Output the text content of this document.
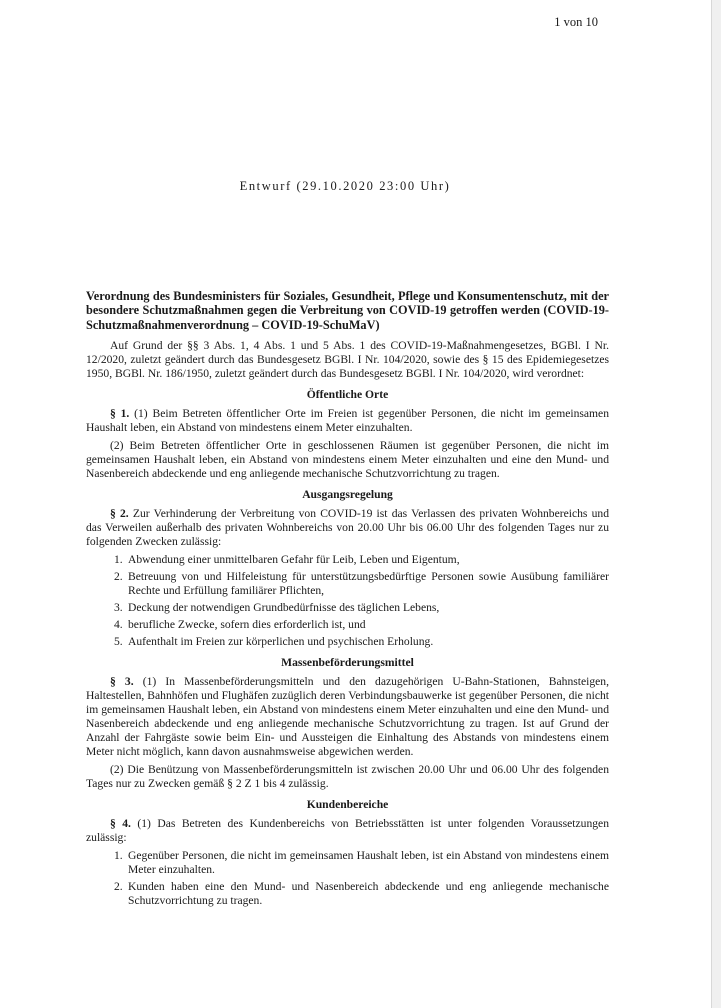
1 von 10
Entwurf (29.10.2020 23:00 Uhr)
Verordnung des Bundesministers für Soziales, Gesundheit, Pflege und Konsumentenschutz, mit der besondere Schutzmaßnahmen gegen die Verbreitung von COVID-19 getroffen werden (COVID-19-Schutzmaßnahmenverordnung – COVID-19-SchuMaV)

Auf Grund der §§ 3 Abs. 1, 4 Abs. 1 und 5 Abs. 1 des COVID-19-Maßnahmengesetzes, BGBl. I Nr. 12/2020, zuletzt geändert durch das Bundesgesetz BGBl. I Nr. 104/2020, sowie des § 15 des Epidemiegesetzes 1950, BGBl. Nr. 186/1950, zuletzt geändert durch das Bundesgesetz BGBl. I Nr. 104/2020, wird verordnet:

Öffentliche Orte

§ 1. (1) Beim Betreten öffentlicher Orte im Freien ist gegenüber Personen, die nicht im gemeinsamen Haushalt leben, ein Abstand von mindestens einem Meter einzuhalten.

(2) Beim Betreten öffentlicher Orte in geschlossenen Räumen ist gegenüber Personen, die nicht im gemeinsamen Haushalt leben, ein Abstand von mindestens einem Meter einzuhalten und eine den Mund- und Nasenbereich abdeckende und eng anliegende mechanische Schutzvorrichtung zu tragen.

Ausgangsregelung

§ 2. Zur Verhinderung der Verbreitung von COVID-19 ist das Verlassen des privaten Wohnbereichs und das Verweilen außerhalb des privaten Wohnbereichs von 20.00 Uhr bis 06.00 Uhr des folgenden Tages nur zu folgenden Zwecken zulässig:

1. Abwendung einer unmittelbaren Gefahr für Leib, Leben und Eigentum,
2. Betreuung von und Hilfeleistung für unterstützungsbedürftige Personen sowie Ausübung familiärer Rechte und Erfüllung familiärer Pflichten,
3. Deckung der notwendigen Grundbedürfnisse des täglichen Lebens,
4. berufliche Zwecke, sofern dies erforderlich ist, und
5. Aufenthalt im Freien zur körperlichen und psychischen Erholung.
Massenbeförderungsmittel

§ 3. (1) In Massenbeförderungsmitteln und den dazugehörigen U-Bahn-Stationen, Bahnsteigen, Haltestellen, Bahnhöfen und Flughäfen zuzüglich deren Verbindungsbauwerke ist gegenüber Personen, die nicht im gemeinsamen Haushalt leben, ein Abstand von mindestens einem Meter einzuhalten und eine den Mund- und Nasenbereich abdeckende und eng anliegende mechanische Schutzvorrichtung zu tragen. Ist auf Grund der Anzahl der Fahrgäste sowie beim Ein- und Aussteigen die Einhaltung des Abstands von mindestens einem Meter nicht möglich, kann davon ausnahmsweise abgewichen werden.

(2) Die Benützung von Massenbeförderungsmitteln ist zwischen 20.00 Uhr und 06.00 Uhr des folgenden Tages nur zu Zwecken gemäß § 2 Z 1 bis 4 zulässig.

Kundenbereiche

§ 4. (1) Das Betreten des Kundenbereichs von Betriebsstätten ist unter folgenden Voraussetzungen zulässig:

1. Gegenüber Personen, die nicht im gemeinsamen Haushalt leben, ist ein Abstand von mindestens einem Meter einzuhalten.
2. Kunden haben eine den Mund- und Nasenbereich abdeckende und eng anliegende mechanische Schutzvorrichtung zu tragen.
